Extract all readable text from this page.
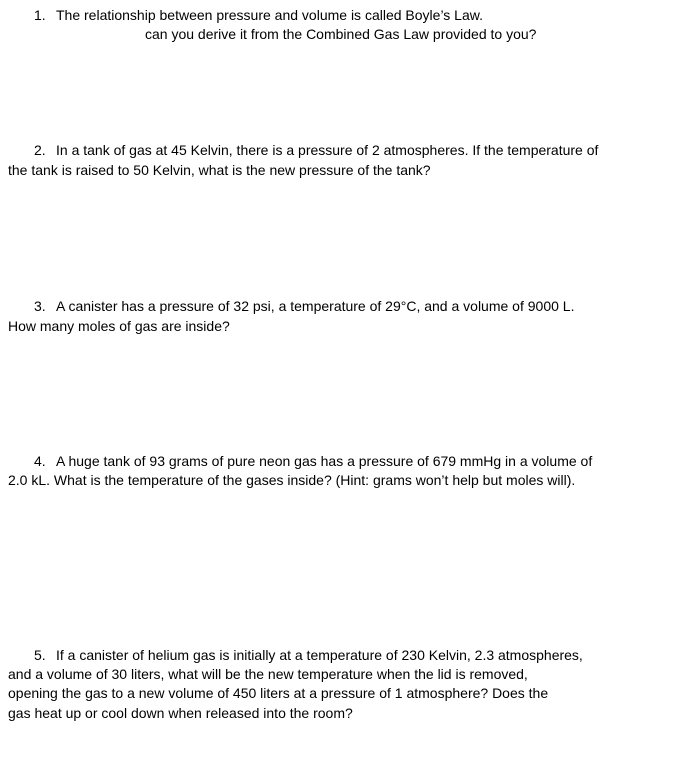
1. The relationship between pressure and volume is called Boyle’s Law.

can you derive it from the Combined Gas Law provided to you?

2. In a tank of gas at 45 Kelvin, there is a pressure of 2 atmospheres. If the temperature of

the tank is raised to 50 Kelvin, what is the new pressure of the tank?

3. A canister has a pressure of 32 psi, a temperature of 29°C, and a volume of 9000 L.

How many moles of gas are inside?

4. A huge tank of 93 grams of pure neon gas has a pressure of 679 mmHg in a volume of

2.0 kL. What is the temperature of the gases inside? (Hint: grams won’t help but moles will).

5. If a canister of helium gas is initially at a temperature of 230 Kelvin, 2.3 atmospheres,

and a volume of 30 liters, what will be the new temperature when the lid is removed,

opening the gas to a new volume of 450 liters at a pressure of 1 atmosphere? Does the

gas heat up or cool down when released into the room?
